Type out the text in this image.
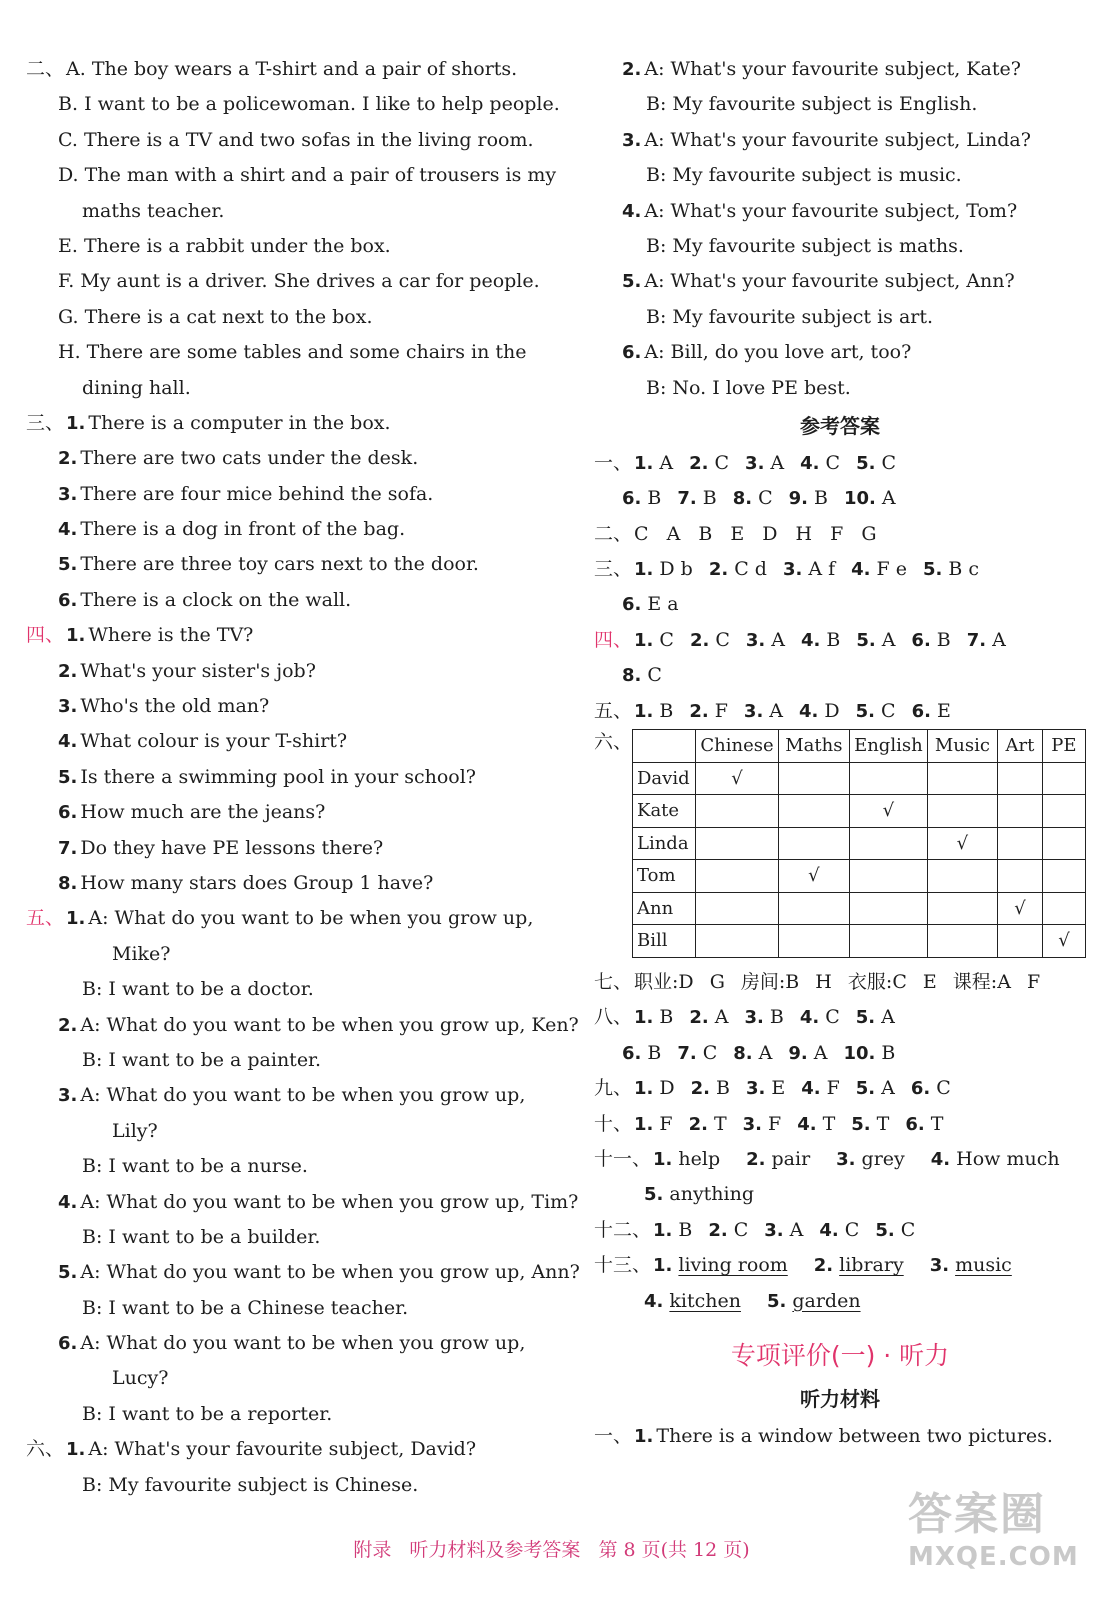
二、 A. The boy wears a T-shirt and a pair of shorts.
B. I want to be a policewoman. I like to help people.
C. There is a TV and two sofas in the living room.
D. The man with a shirt and a pair of trousers is my
maths teacher.
E. There is a rabbit under the box.
F. My aunt is a driver. She drives a car for people.
G. There is a cat next to the box.
H. There are some tables and some chairs in the
dining hall.
三、 1. There is a computer in the box.
2. There are two cats under the desk.
3. There are four mice behind the sofa.
4. There is a dog in front of the bag.
5. There are three toy cars next to the door.
6. There is a clock on the wall.
四、 1. Where is the TV?
2. What's your sister's job?
3. Who's the old man?
4. What colour is your T-shirt?
5. Is there a swimming pool in your school?
6. How much are the jeans?
7. Do they have PE lessons there?
8. How many stars does Group 1 have?
五、 1. A: What do you want to be when you grow up,
Mike?
B: I want to be a doctor.
2. A: What do you want to be when you grow up, Ken?
B: I want to be a painter.
3. A: What do you want to be when you grow up,
Lily?
B: I want to be a nurse.
4. A: What do you want to be when you grow up, Tim?
B: I want to be a builder.
5. A: What do you want to be when you grow up, Ann?
B: I want to be a Chinese teacher.
6. A: What do you want to be when you grow up,
Lucy?
B: I want to be a reporter.
六、 1. A: What's your favourite subject, David?
B: My favourite subject is Chinese.
2. A: What's your favourite subject, Kate?
B: My favourite subject is English.
3. A: What's your favourite subject, Linda?
B: My favourite subject is music.
4. A: What's your favourite subject, Tom?
B: My favourite subject is maths.
5. A: What's your favourite subject, Ann?
B: My favourite subject is art.
6. A: Bill, do you love art, too?
B: No. I love PE best.
参考答案
一、 1. A 2. C 3. A 4. C 5. C
6. B 7. B 8. C 9. B 10. A
二、 C A B E D H F G
三、 1. D b 2. C d 3. A f 4. F e 5. B c
6. E a
四、 1. C 2. C 3. A 4. B 5. A 6. B 7. A
8. C
五、 1. B 2. F 3. A 4. D 5. C 6. E
六、
		Chinese	Maths	English	Music	Art	PE
David	√					
Kate			√			
Linda				√		
Tom		√				
Ann					√	
Bill						√
七、 职业:D G 房间:B H 衣服:C E 课程:A F
八、 1. B 2. A 3. B 4. C 5. A
6. B 7. C 8. A 9. A 10. B
九、 1. D 2. B 3. E 4. F 5. A 6. C
十、 1. F 2. T 3. F 4. T 5. T 6. T
十一、 1. help 2. pair 3. grey 4. How much
5. anything
十二、 1. B 2. C 3. A 4. C 5. C
十三、 1. living room 2. library 3. music
4. kitchen 5. garden
专项评价(一) · 听力
听力材料
一、 1. There is a window between two pictures.
附录 听力材料及参考答案 第 8 页(共 12 页)
答案圈
MXQE.COM
